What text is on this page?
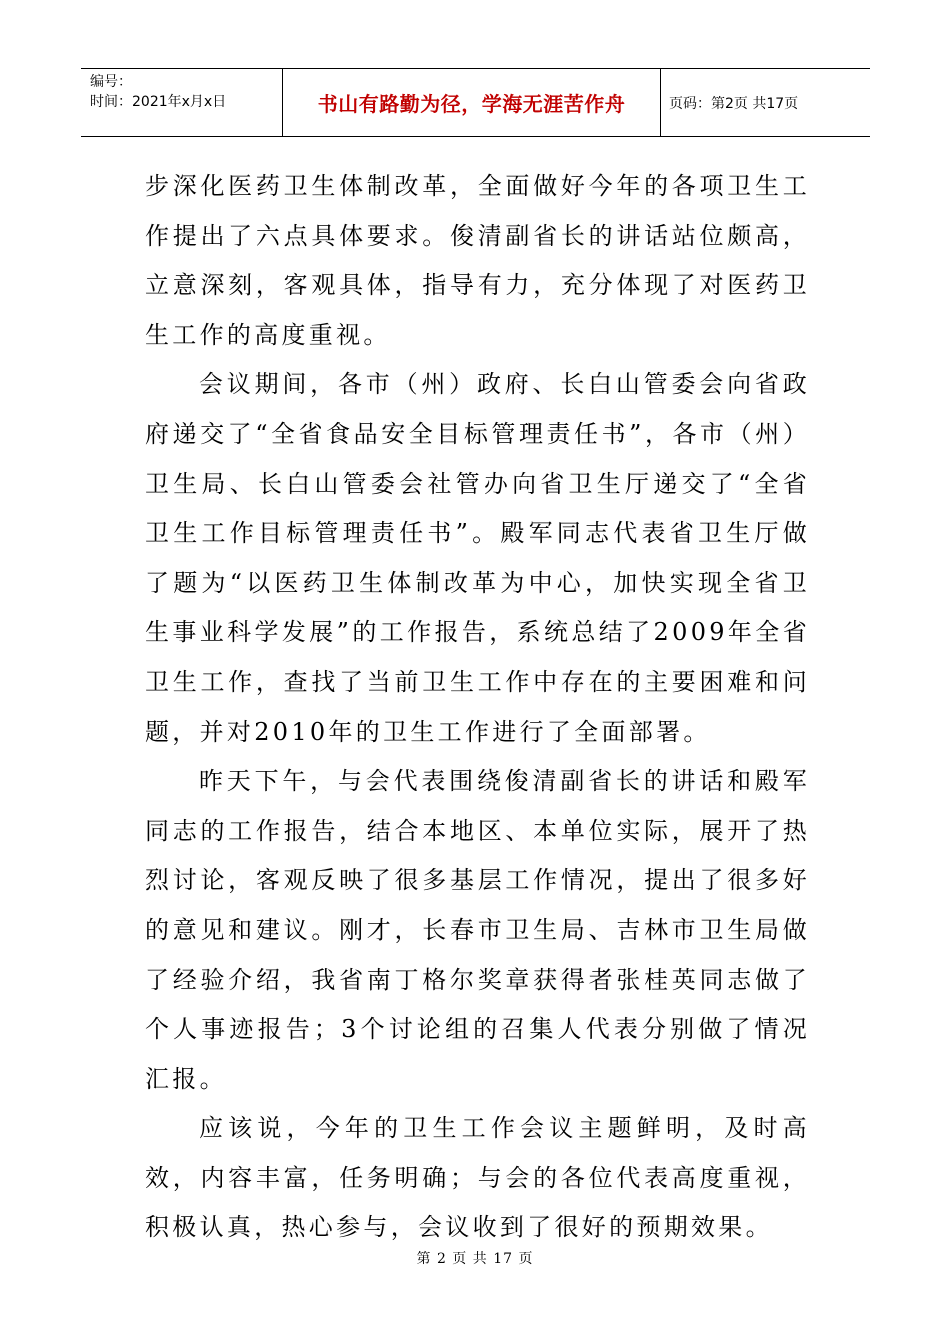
编号：
时间：2021年x月x日	书山有路勤为径，学海无涯苦作舟	页码：第2页 共17页

步深化医药卫生体制改革，全面做好今年的各项卫生工作提出了六点具体要求。俊清副省长的讲话站位颇高，立意深刻，客观具体，指导有力，充分体现了对医药卫生工作的高度重视。

会议期间，各市（州）政府、长白山管委会向省政府递交了“全省食品安全目标管理责任书”，各市（州）卫生局、长白山管委会社管办向省卫生厅递交了“全省卫生工作目标管理责任书”。殿军同志代表省卫生厅做了题为“以医药卫生体制改革为中心，加快实现全省卫生事业科学发展”的工作报告，系统总结了2009年全省卫生工作，查找了当前卫生工作中存在的主要困难和问题，并对2010年的卫生工作进行了全面部署。

昨天下午，与会代表围绕俊清副省长的讲话和殿军同志的工作报告，结合本地区、本单位实际，展开了热烈讨论，客观反映了很多基层工作情况，提出了很多好的意见和建议。刚才，长春市卫生局、吉林市卫生局做了经验介绍，我省南丁格尔奖章获得者张桂英同志做了个人事迹报告；3个讨论组的召集人代表分别做了情况汇报。

应该说，今年的卫生工作会议主题鲜明，及时高效，内容丰富，任务明确；与会的各位代表高度重视，积极认真，热心参与，会议收到了很好的预期效果。

第 2 页 共 17 页
